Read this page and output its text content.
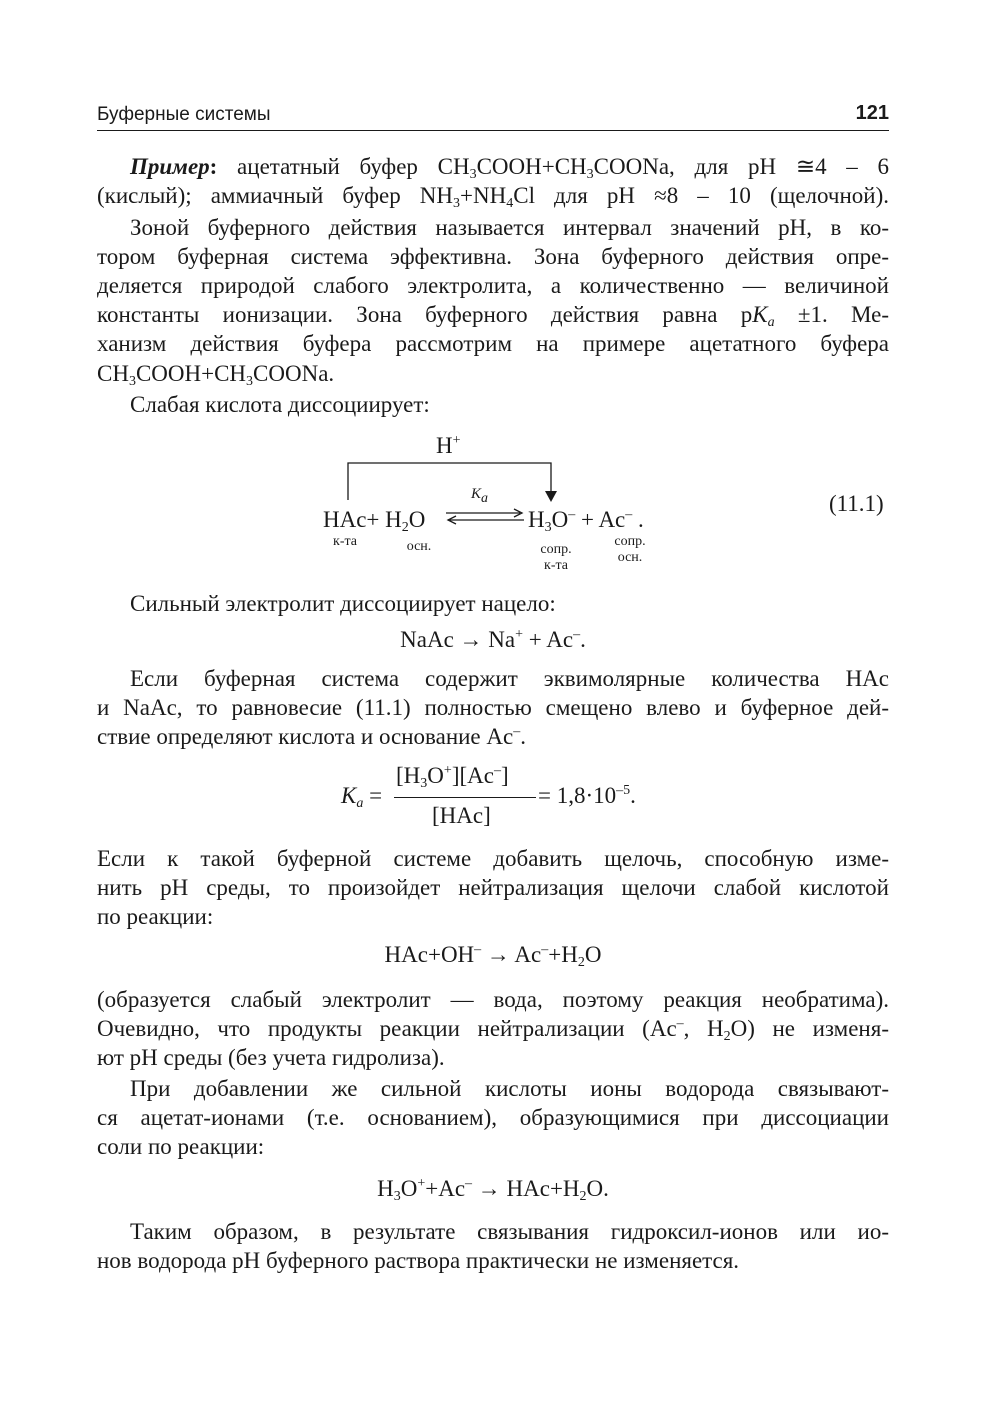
Буферные системы	121
Пример: ацетатный буфер $CH_3COOH+CH_3COONa$, для pH ≅4 – 6
(кислый); аммиачный буфер $NH_3+NH_4Cl$ для pH ≈8 – 10 (щелочной).
Зоной буферного действия называется интервал значений pH, в ко-
тором буферная система эффективна. Зона буферного действия опре-
деляется природой слабого электролита, а количественно — величиной
константы ионизации. Зона буферного действия равна $pK_a \pm 1$. Ме-
ханизм действия буфера рассмотрим на примере ацетатного буфера
$CH_3COOH+CH_3COONa$.
Слабая кислота диссоциирует:
H+
$HAc+ H_2O$
$K_a$
$H_3O^- + Ac^-$ .
(11.1)
к-та	осн.	сопр.
к-та
сопр.
осн.
Сильный электролит диссоциирует нацело:
NaAc → Na+ + Ac–.
Если буферная система содержит эквимолярные количества HAc
и NaAc, то равновесие (11.1) полностью смещено влево и буферное дей-
ствие определяют кислота и основание Ac–.
$K_a$ =
$[H_3O^+][Ac^-]$
[HAc]
= $1,8\cdot 10^{-5}$.
Если к такой буферной системе добавить щелочь, способную изме-
нить pH среды, то произойдет нейтрализация щелочи слабой кислотой
по реакции:
$HAc+OH^- \to Ac^-+H_2O$
(образуется слабый электролит — вода, поэтому реакция необратима).
Очевидно, что продукты реакции нейтрализации (Ac–, $H_2O$) не изменя-
ют pH среды (без учета гидролиза).
При добавлении же сильной кислоты ионы водорода связывают-
ся ацетат-ионами (т.е. основанием), образующимися при диссоциации
соли по реакции:
$H_3O^++Ac^- \to HAc+H_2O$.
Таким образом, в результате связывания гидроксил-ионов или ио-
нов водорода pH буферного раствора практически не изменяется.
